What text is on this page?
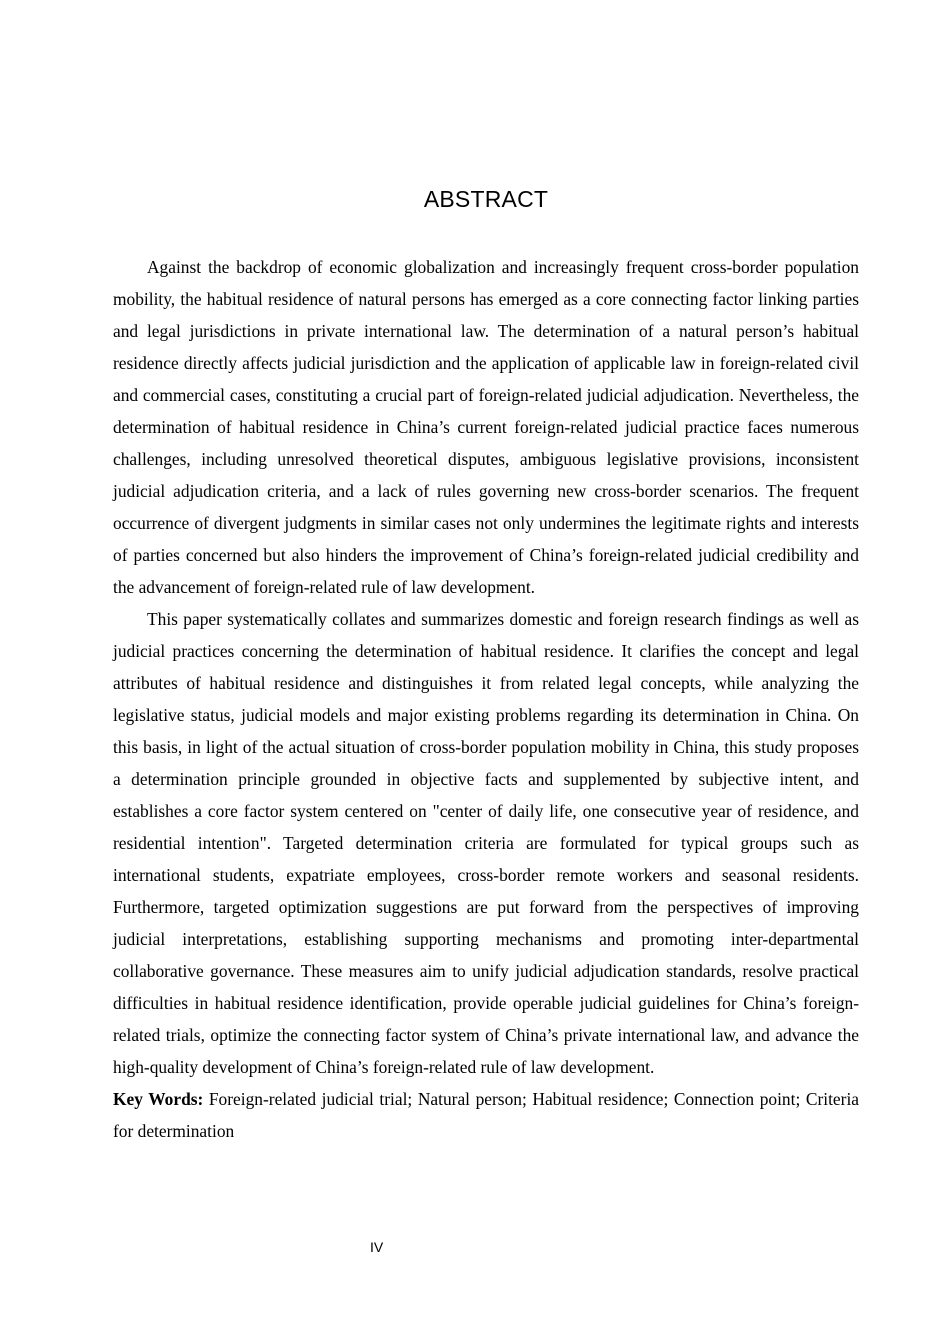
ABSTRACT

Against the backdrop of economic globalization and increasingly frequent cross-border population mobility, the habitual residence of natural persons has emerged as a core connecting factor linking parties and legal jurisdictions in private international law. The determination of a natural person’s habitual residence directly affects judicial jurisdiction and the application of applicable law in foreign-related civil and commercial cases, constituting a crucial part of foreign-related judicial adjudication. Nevertheless, the determination of habitual residence in China’s current foreign-related judicial practice faces numerous challenges, including unresolved theoretical disputes, ambiguous legislative provisions, inconsistent judicial adjudication criteria, and a lack of rules governing new cross-border scenarios. The frequent occurrence of divergent judgments in similar cases not only undermines the legitimate rights and interests of parties concerned but also hinders the improvement of China’s foreign-related judicial credibility and the advancement of foreign-related rule of law development.

This paper systematically collates and summarizes domestic and foreign research findings as well as judicial practices concerning the determination of habitual residence. It clarifies the concept and legal attributes of habitual residence and distinguishes it from related legal concepts, while analyzing the legislative status, judicial models and major existing problems regarding its determination in China. On this basis, in light of the actual situation of cross-border population mobility in China, this study proposes a determination principle grounded in objective facts and supplemented by subjective intent, and establishes a core factor system centered on "center of daily life, one consecutive year of residence, and residential intention". Targeted determination criteria are formulated for typical groups such as international students, expatriate employees, cross-border remote workers and seasonal residents. Furthermore, targeted optimization suggestions are put forward from the perspectives of improving judicial interpretations, establishing supporting mechanisms and promoting inter-departmental collaborative governance. These measures aim to unify judicial adjudication standards, resolve practical difficulties in habitual residence identification, provide operable judicial guidelines for China’s foreign-related trials, optimize the connecting factor system of China’s private international law, and advance the high-quality development of China’s foreign-related rule of law development.

Key Words: Foreign-related judicial trial; Natural person; Habitual residence; Connection point; Criteria for determination

IV
